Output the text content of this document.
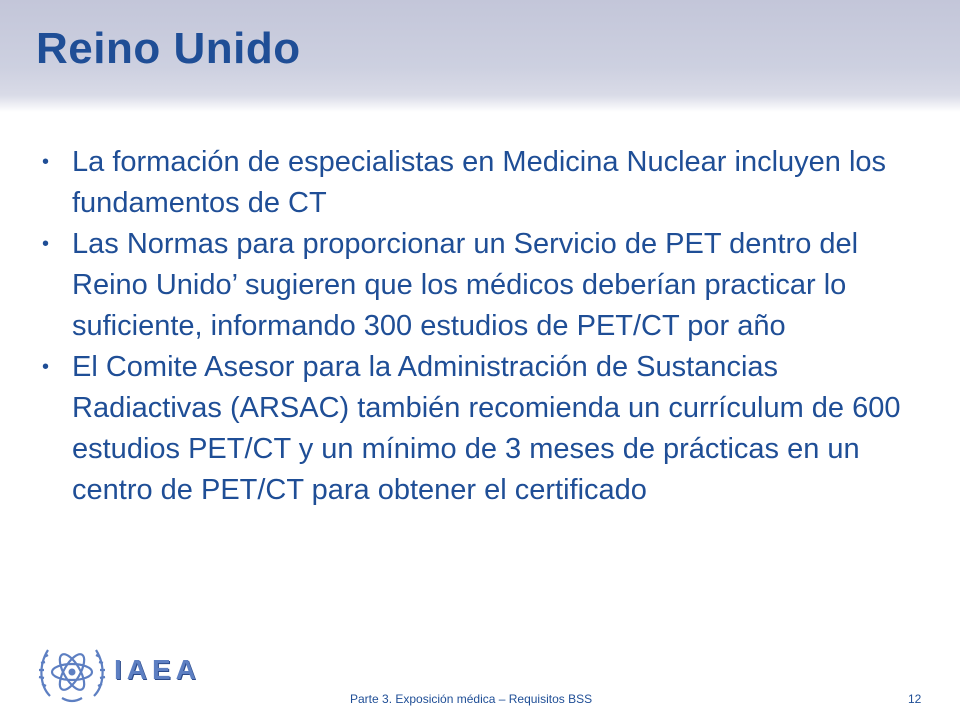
Reino Unido
• La formación de especialistas en Medicina Nuclear incluyen los fundamentos de CT
• Las Normas para proporcionar un Servicio de PET dentro del Reino Unido’ sugieren que los médicos deberían practicar lo suficiente, informando 300 estudios de PET/CT por año
• El Comite Asesor para la Administración de Sustancias Radiactivas (ARSAC) también recomienda un currículum de 600 estudios PET/CT y un mínimo de 3 meses de prácticas en un centro de PET/CT para obtener el certificado
IAEA
Parte 3. Exposición médica – Requisitos BSS	12
